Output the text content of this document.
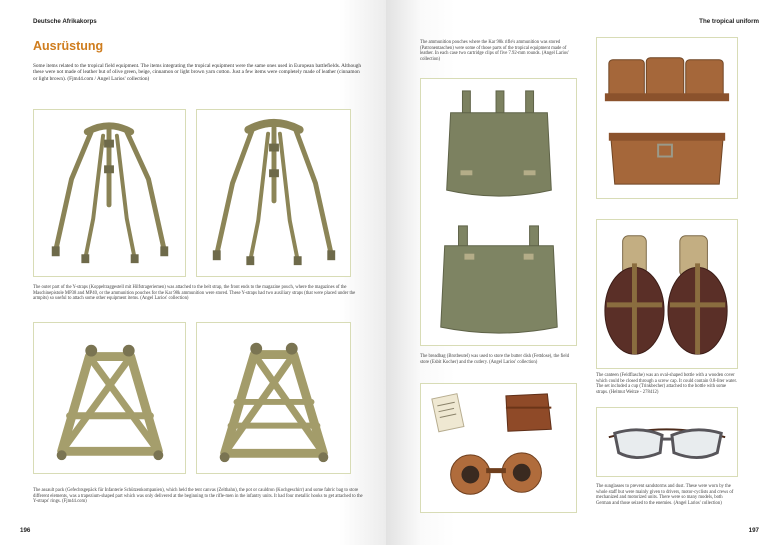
Deutsche Afrikakorps
Ausrüstung

Some items related to the tropical field equipment. The items integrating the tropical equipment were the same ones used in European battlefields. Although these were not made of leather but of olive green, beige, cinnamon or light brown yarn cotton. Just a few items were completely made of leather (cinnamon or light brown). (Fjm44.com / Angel Larios' collection)

The outer part of the Y-straps (Koppeltraggestell mit Hilfstrageriemen) was attached to the belt strap, the front ends to the magazine pouch, where the magazines of the Maschinepistole MP38 and MP40, or the ammunition pouches for the Kar 98k ammunition were stored. These Y-straps had two auxiliary straps (that were placed under the armpits) so useful to attach some other equipment items. (Angel Larios' collection)

The assault pack (Gefechtsgepäck für Infanterie Schützenkompanien), which held the tent canvas (Zeltbahn), the pot or cauldron (Kochgeschirr) and some fabric bag to store different elements, was a trapezium-shaped part which was only delivered at the beginning to the rifle-men in the infantry units. It had four metallic hooks to get attached to the Y-straps' rings. (Fjm44.com)

196
The tropical uniform

The ammunition pouches where the Kar 98k rifle's ammunition was stored (Patronentaschen) were some of those parts of the tropical equipment made of leather. In each case two cartridge clips of five 7.92-mm rounds. (Angel Larios' collection)

The breadbag (Brotbeutel) was used to store the butter dish (Fettdose), the field store (Esbit Kocher) and the cutlery. (Angel Larios' collection)

The canteen (Feldflasche) was an oval-shaped bottle with a wooden cover which could be closed through a screw cap. It could contain 0.8-liter water. The set included a cup (Trinkbecher) attached to the bottle with some straps. (Helmut Weitze - 278412)

The sunglasses to prevent sandstorms and dust. These were worn by the whole staff but were mainly given to drivers, motor-cyclists and crews of mechanized and motorized units. There were so many models, both German and those seized to the enemies. (Angel Larios' collection)

197
